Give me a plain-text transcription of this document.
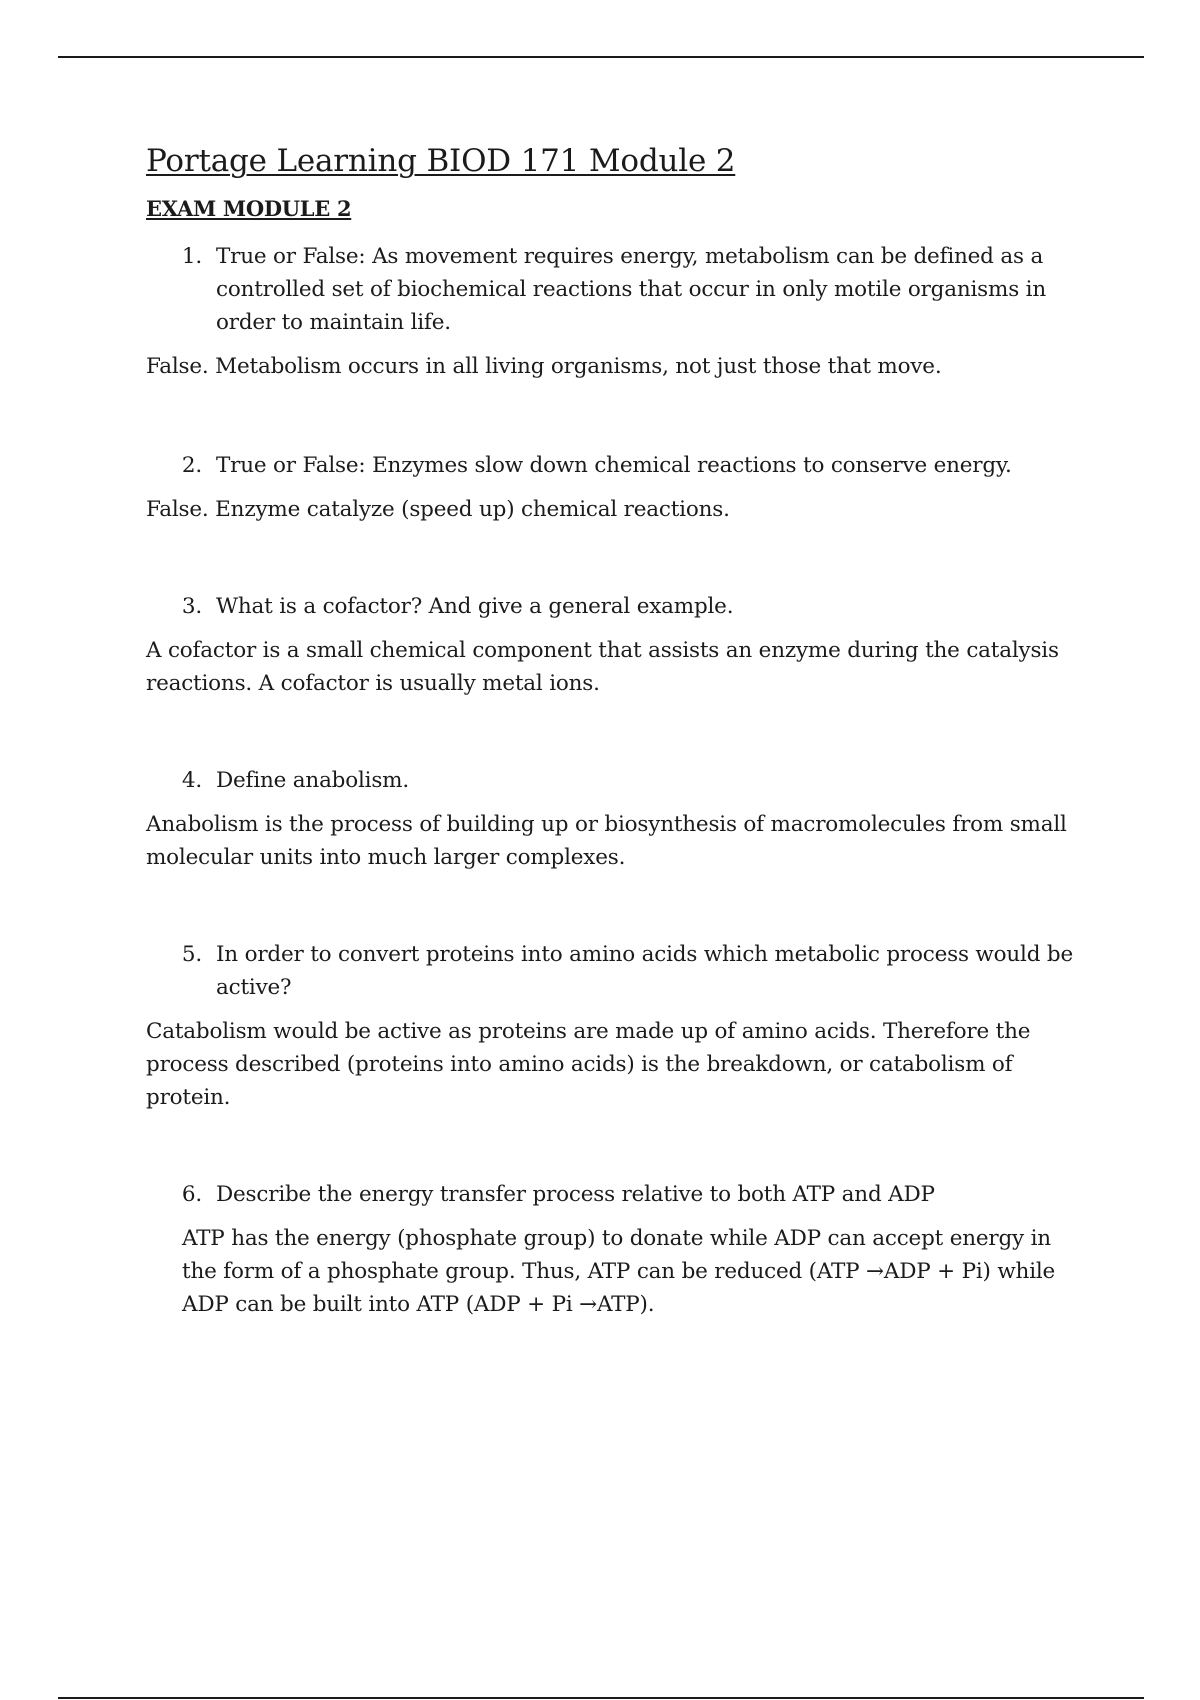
Portage Learning BIOD 171 Module 2
EXAM MODULE 2
1. True or False: As movement requires energy, metabolism can be defined as a controlled set of biochemical reactions that occur in only motile organisms in order to maintain life.

False. Metabolism occurs in all living organisms, not just those that move.

2. True or False: Enzymes slow down chemical reactions to conserve energy.

False. Enzyme catalyze (speed up) chemical reactions.

3. What is a cofactor? And give a general example.

A cofactor is a small chemical component that assists an enzyme during the catalysis reactions. A cofactor is usually metal ions.

4. Define anabolism.

Anabolism is the process of building up or biosynthesis of macromolecules from small molecular units into much larger complexes.

5. In order to convert proteins into amino acids which metabolic process would be active?

Catabolism would be active as proteins are made up of amino acids. Therefore the process described (proteins into amino acids) is the breakdown, or catabolism of protein.

6. Describe the energy transfer process relative to both ATP and ADP

ATP has the energy (phosphate group) to donate while ADP can accept energy in the form of a phosphate group. Thus, ATP can be reduced (ATP →ADP + Pi) while ADP can be built into ATP (ADP + Pi →ATP).
